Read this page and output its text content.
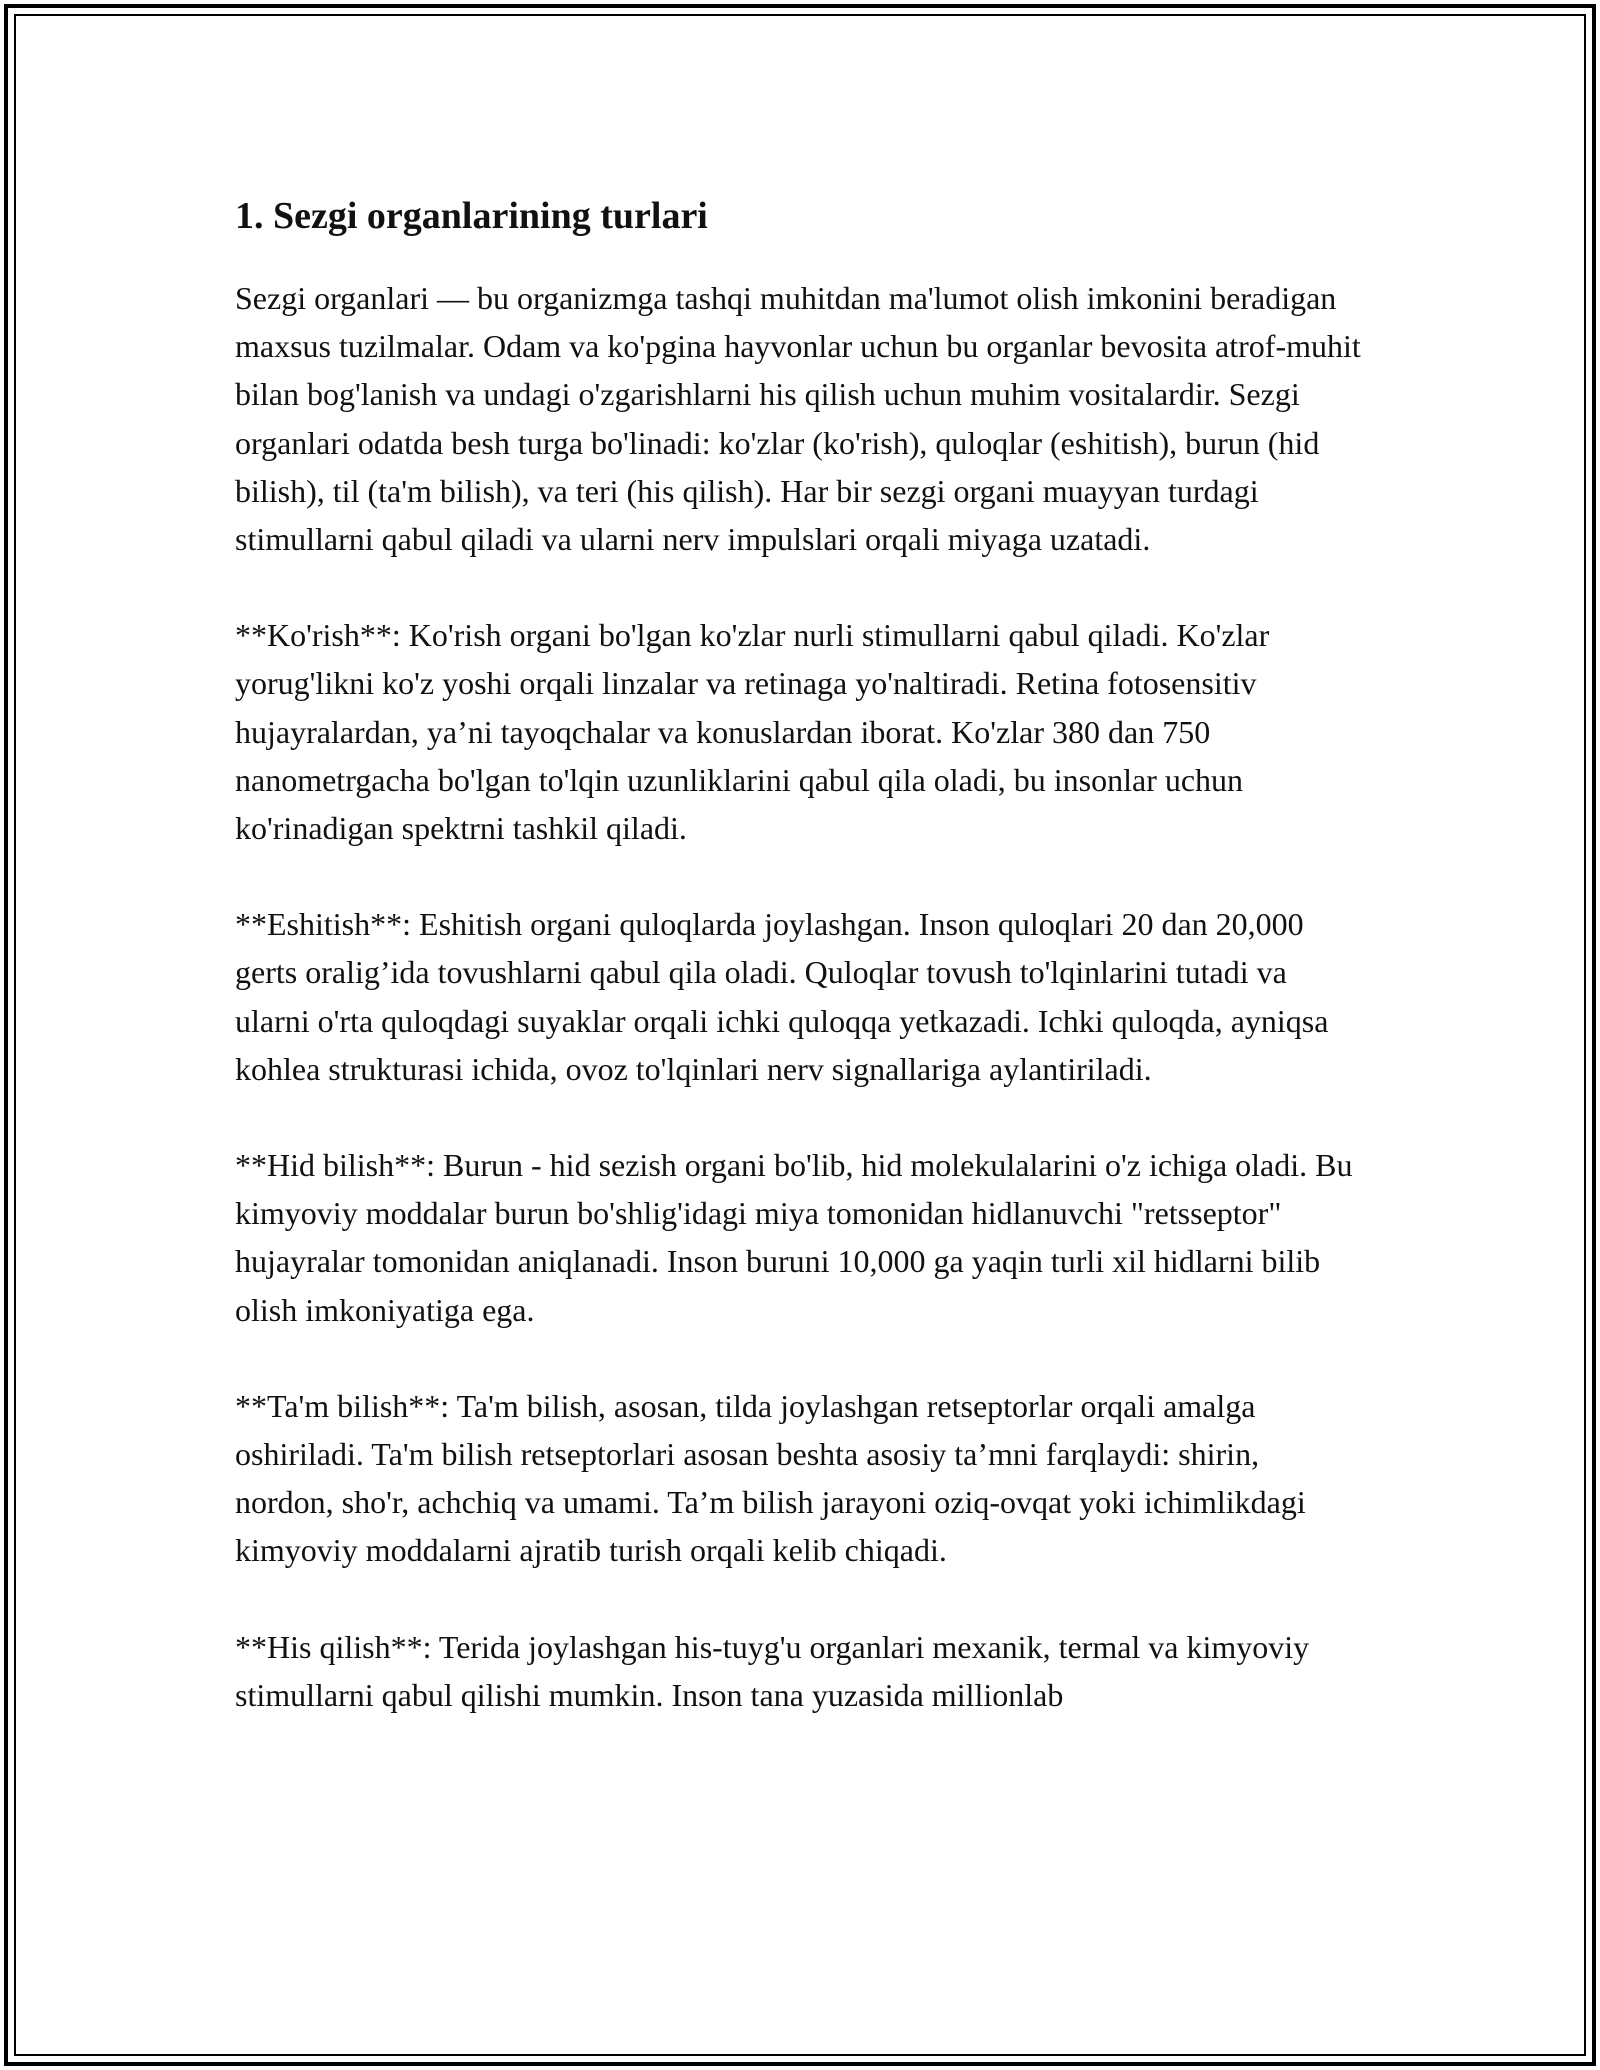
1. Sezgi organlarining turlari

Sezgi organlari — bu organizmga tashqi muhitdan ma'lumot olish imkonini beradigan maxsus tuzilmalar. Odam va ko'pgina hayvonlar uchun bu organlar bevosita atrof-muhit bilan bog'lanish va undagi o'zgarishlarni his qilish uchun muhim vositalardir. Sezgi organlari odatda besh turga bo'linadi: ko'zlar (ko'rish), quloqlar (eshitish), burun (hid bilish), til (ta'm bilish), va teri (his qilish). Har bir sezgi organi muayyan turdagi stimullarni qabul qiladi va ularni nerv impulslari orqali miyaga uzatadi.

**Ko'rish**: Ko'rish organi bo'lgan ko'zlar nurli stimullarni qabul qiladi. Ko'zlar yorug'likni ko'z yoshi orqali linzalar va retinaga yo'naltiradi. Retina fotosensitiv hujayralardan, ya’ni tayoqchalar va konuslardan iborat. Ko'zlar 380 dan 750 nanometrgacha bo'lgan to'lqin uzunliklarini qabul qila oladi, bu insonlar uchun ko'rinadigan spektrni tashkil qiladi.

**Eshitish**: Eshitish organi quloqlarda joylashgan. Inson quloqlari 20 dan 20,000 gerts oralig’ida tovushlarni qabul qila oladi. Quloqlar tovush to'lqinlarini tutadi va ularni o'rta quloqdagi suyaklar orqali ichki quloqqa yetkazadi. Ichki quloqda, ayniqsa kohlea strukturasi ichida, ovoz to'lqinlari nerv signallariga aylantiriladi.

**Hid bilish**: Burun - hid sezish organi bo'lib, hid molekulalarini o'z ichiga oladi. Bu kimyoviy moddalar burun bo'shlig'idagi miya tomonidan hidlanuvchi "retsseptor" hujayralar tomonidan aniqlanadi. Inson buruni 10,000 ga yaqin turli xil hidlarni bilib olish imkoniyatiga ega.

**Ta'm bilish**: Ta'm bilish, asosan, tilda joylashgan retseptorlar orqali amalga oshiriladi. Ta'm bilish retseptorlari asosan beshta asosiy ta’mni farqlaydi: shirin, nordon, sho'r, achchiq va umami. Ta’m bilish jarayoni oziq-ovqat yoki ichimlikdagi kimyoviy moddalarni ajratib turish orqali kelib chiqadi.

**His qilish**: Terida joylashgan his-tuyg'u organlari mexanik, termal va kimyoviy stimullarni qabul qilishi mumkin. Inson tana yuzasida millionlab
